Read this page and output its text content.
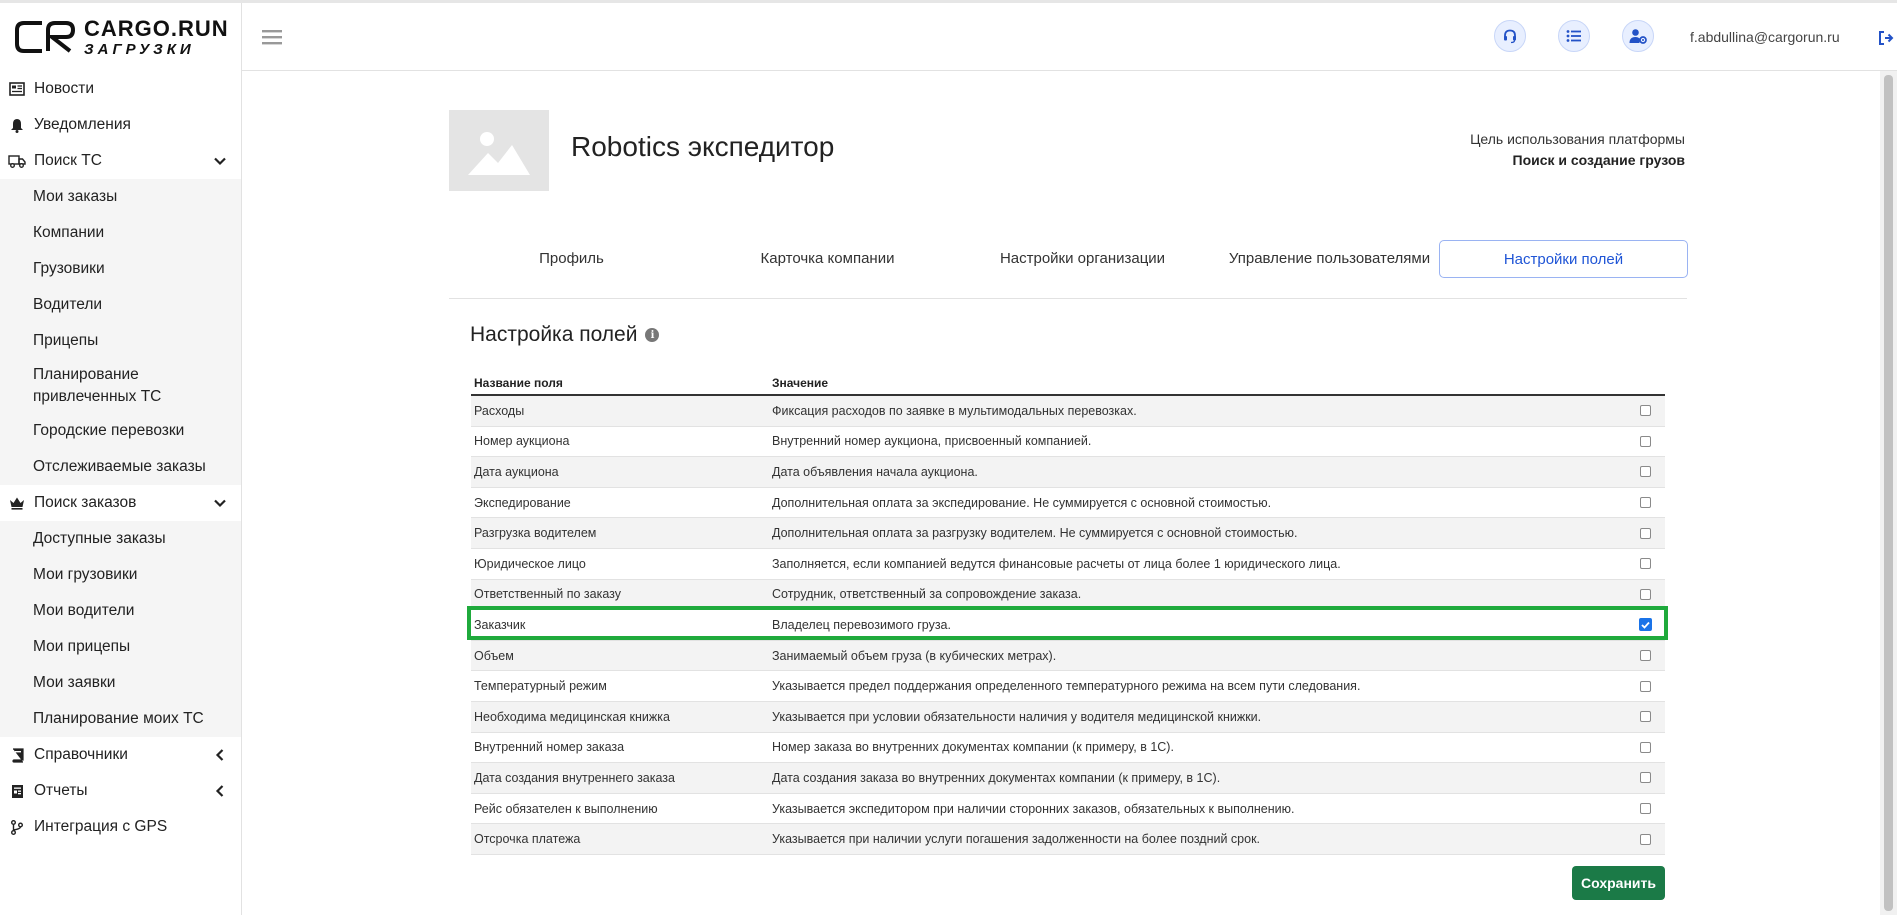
CARGO.RUN
ЗАГРУЗКИ
Новости
Уведомления
Поиск ТС
Мои заказы
Компании
Грузовики
Водители
Прицепы
Планирование привлеченных ТС
Городские перевозки
Отслеживаемые заказы
Поиск заказов
Доступные заказы
Мои грузовики
Мои водители
Мои прицепы
Мои заявки
Планирование моих ТС
Справочники
Отчеты
Интеграция с GPS
f.abdullina@cargorun.ru
Robotics экспедитор	Цель использования платформы
Поиск и создание грузов
Профиль	Карточка компании	Настройки организации	Управление пользователями	Настройки полей
Настройка полей	i
Название поля	Значение
Расходы	Фиксация расходов по заявке в мультимодальных перевозках.
Номер аукциона	Внутренний номер аукциона, присвоенный компанией.
Дата аукциона	Дата объявления начала аукциона.
Экспедирование	Дополнительная оплата за экспедирование. Не суммируется с основной стоимостью.
Разгрузка водителем	Дополнительная оплата за разгрузку водителем. Не суммируется с основной стоимостью.
Юридическое лицо	Заполняется, если компанией ведутся финансовые расчеты от лица более 1 юридического лица.
Ответственный по заказу	Сотрудник, ответственный за сопровождение заказа.
Заказчик	Владелец перевозимого груза.
Объем	Занимаемый объем груза (в кубических метрах).
Температурный режим	Указывается предел поддержания определенного температурного режима на всем пути следования.
Необходима медицинская книжка	Указывается при условии обязательности наличия у водителя медицинской книжки.
Внутренний номер заказа	Номер заказа во внутренних документах компании (к примеру, в 1С).
Дата создания внутреннего заказа	Дата создания заказа во внутренних документах компании (к примеру, в 1С).
Рейс обязателен к выполнению	Указывается экспедитором при наличии сторонних заказов, обязательных к выполнению.
Отсрочка платежа	Указывается при наличии услуги погашения задолженности на более поздний срок.
Сохранить
